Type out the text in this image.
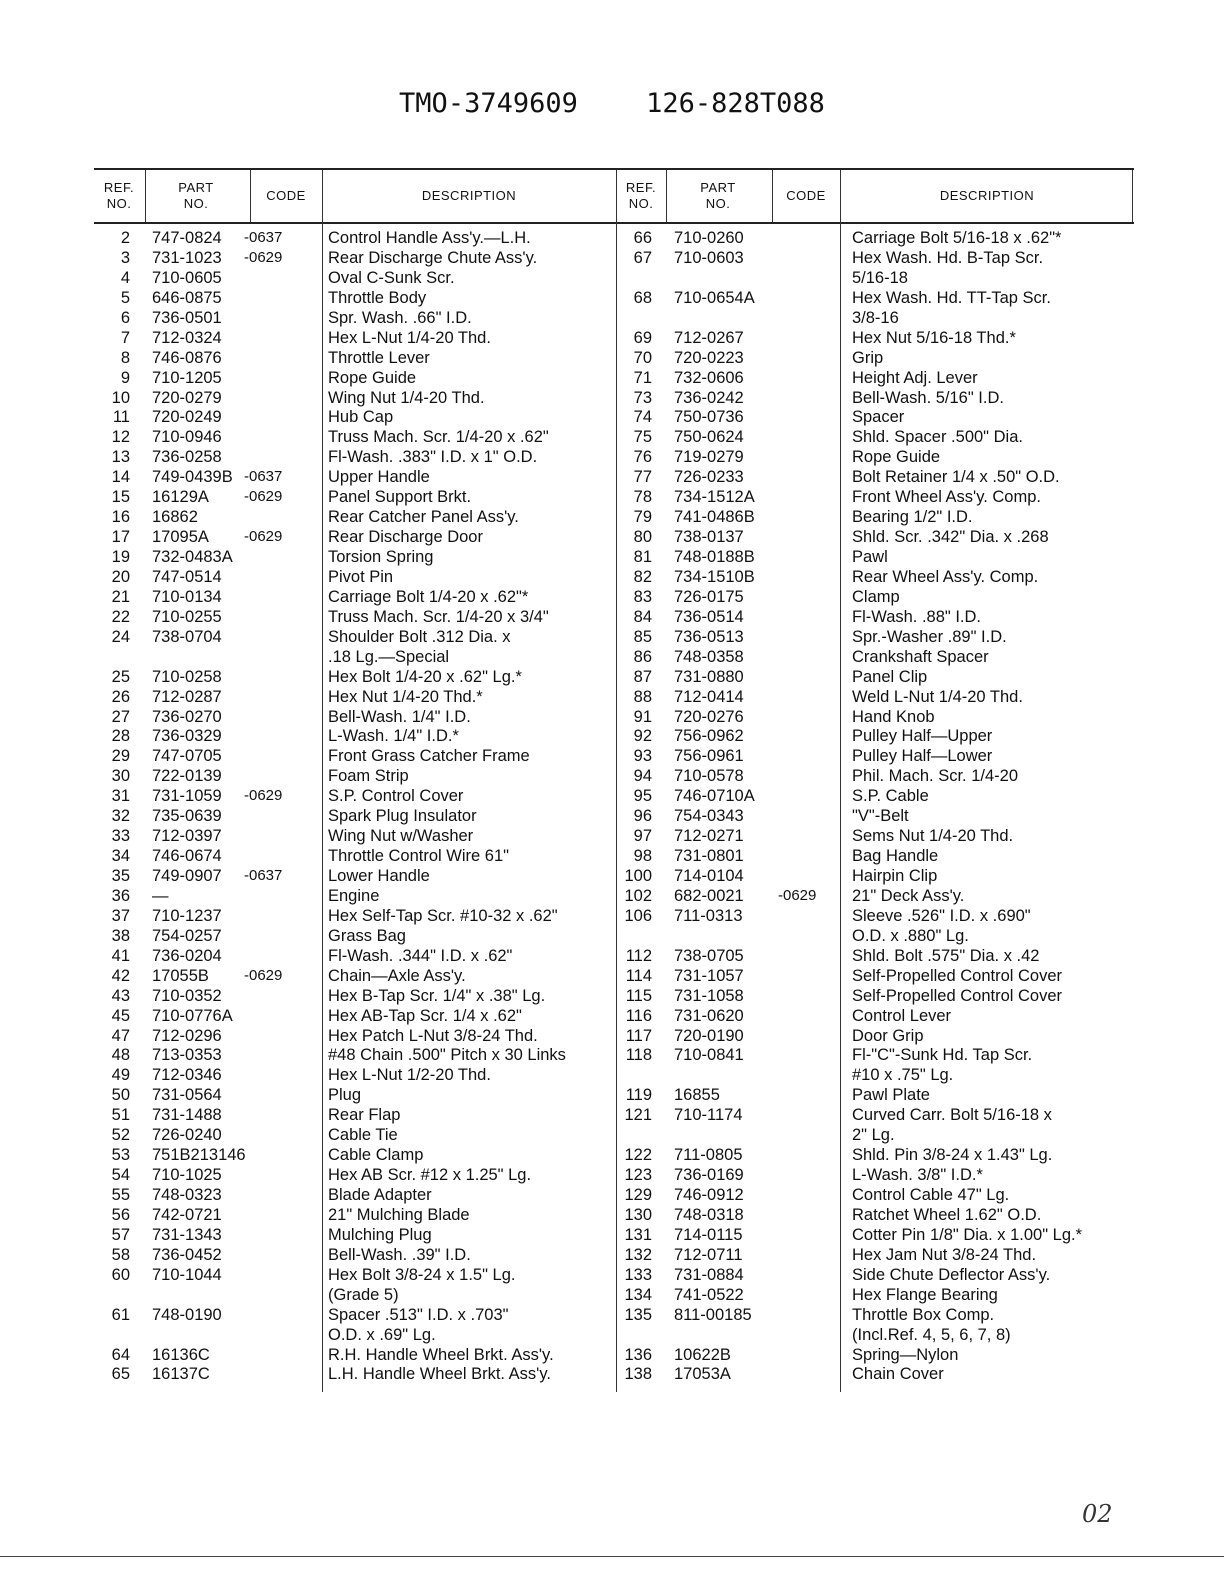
TMO-3749609	126-828T088
REF.
NO.
PART
NO.
CODE	DESCRIPTION
REF.
NO.
PART
NO.
CODE	DESCRIPTION
2 747-0824 -0637	Control Handle Ass'y.—L.H.
3 731-1023 -0629	Rear Discharge Chute Ass'y.
4 710-0605	Oval C-Sunk Scr.
5 646-0875	Throttle Body
6 736-0501	Spr. Wash. .66" I.D.
7 712-0324	Hex L-Nut 1/4-20 Thd.
8 746-0876	Throttle Lever
9 710-1205	Rope Guide
10 720-0279	Wing Nut 1/4-20 Thd.
11 720-0249	Hub Cap
12 710-0946	Truss Mach. Scr. 1/4-20 x .62"
13 736-0258	Fl-Wash. .383" I.D. x 1" O.D.
14 749-0439B -0637	Upper Handle
15 16129A -0629	Panel Support Brkt.
16 16862	Rear Catcher Panel Ass'y.
17 17095A -0629	Rear Discharge Door
19 732-0483A	Torsion Spring
20 747-0514	Pivot Pin
21 710-0134	Carriage Bolt 1/4-20 x .62"*
22 710-0255	Truss Mach. Scr. 1/4-20 x 3/4"
24 738-0704	Shoulder Bolt .312 Dia. x
.18 Lg.—Special
25 710-0258	Hex Bolt 1/4-20 x .62" Lg.*
26 712-0287	Hex Nut 1/4-20 Thd.*
27 736-0270	Bell-Wash. 1/4" I.D.
28 736-0329	L-Wash. 1/4" I.D.*
29 747-0705	Front Grass Catcher Frame
30 722-0139	Foam Strip
31 731-1059 -0629	S.P. Control Cover
32 735-0639	Spark Plug Insulator
33 712-0397	Wing Nut w/Washer
34 746-0674	Throttle Control Wire 61"
35 749-0907 -0637	Lower Handle
36 —	Engine
37 710-1237	Hex Self-Tap Scr. #10-32 x .62"
38 754-0257	Grass Bag
41 736-0204	Fl-Wash. .344" I.D. x .62"
42 17055B -0629	Chain—Axle Ass'y.
43 710-0352	Hex B-Tap Scr. 1/4" x .38" Lg.
45 710-0776A	Hex AB-Tap Scr. 1/4 x .62"
47 712-0296	Hex Patch L-Nut 3/8-24 Thd.
48 713-0353	#48 Chain .500" Pitch x 30 Links
49 712-0346	Hex L-Nut 1/2-20 Thd.
50 731-0564	Plug
51 731-1488	Rear Flap
52 726-0240	Cable Tie
53 751B213146	Cable Clamp
54 710-1025	Hex AB Scr. #12 x 1.25" Lg.
55 748-0323	Blade Adapter
56 742-0721	21" Mulching Blade
57 731-1343	Mulching Plug
58 736-0452	Bell-Wash. .39" I.D.
60 710-1044	Hex Bolt 3/8-24 x 1.5" Lg.
(Grade 5)
61 748-0190	Spacer .513" I.D. x .703"
O.D. x .69" Lg.
64 16136C	R.H. Handle Wheel Brkt. Ass'y.
65 16137C	L.H. Handle Wheel Brkt. Ass'y.
66 710-0260	Carriage Bolt 5/16-18 x .62"*
67 710-0603	Hex Wash. Hd. B-Tap Scr.
5/16-18
68 710-0654A	Hex Wash. Hd. TT-Tap Scr.
3/8-16
69 712-0267	Hex Nut 5/16-18 Thd.*
70 720-0223	Grip
71 732-0606	Height Adj. Lever
73 736-0242	Bell-Wash. 5/16" I.D.
74 750-0736	Spacer
75 750-0624	Shld. Spacer .500" Dia.
76 719-0279	Rope Guide
77 726-0233	Bolt Retainer 1/4 x .50" O.D.
78 734-1512A	Front Wheel Ass'y. Comp.
79 741-0486B	Bearing 1/2" I.D.
80 738-0137	Shld. Scr. .342" Dia. x .268
81 748-0188B	Pawl
82 734-1510B	Rear Wheel Ass'y. Comp.
83 726-0175	Clamp
84 736-0514	Fl-Wash. .88" I.D.
85 736-0513	Spr.-Washer .89" I.D.
86 748-0358	Crankshaft Spacer
87 731-0880	Panel Clip
88 712-0414	Weld L-Nut 1/4-20 Thd.
91 720-0276	Hand Knob
92 756-0962	Pulley Half—Upper
93 756-0961	Pulley Half—Lower
94 710-0578	Phil. Mach. Scr. 1/4-20
95 746-0710A	S.P. Cable
96 754-0343	"V"-Belt
97 712-0271	Sems Nut 1/4-20 Thd.
98 731-0801	Bag Handle
100 714-0104	Hairpin Clip
102 682-0021 -0629 21" Deck Ass'y.
106 711-0313	Sleeve .526" I.D. x .690"
O.D. x .880" Lg.
112 738-0705	Shld. Bolt .575" Dia. x .42
114 731-1057	Self-Propelled Control Cover
115 731-1058	Self-Propelled Control Cover
116 731-0620	Control Lever
117 720-0190	Door Grip
118 710-0841	Fl-"C"-Sunk Hd. Tap Scr.
#10 x .75" Lg.
119 16855	Pawl Plate
121 710-1174	Curved Carr. Bolt 5/16-18 x
2" Lg.
122 711-0805	Shld. Pin 3/8-24 x 1.43" Lg.
123 736-0169	L-Wash. 3/8" I.D.*
129 746-0912	Control Cable 47" Lg.
130 748-0318	Ratchet Wheel 1.62" O.D.
131 714-0115	Cotter Pin 1/8" Dia. x 1.00" Lg.*
132 712-0711	Hex Jam Nut 3/8-24 Thd.
133 731-0884	Side Chute Deflector Ass'y.
134 741-0522	Hex Flange Bearing
135 811-00185	Throttle Box Comp.
(Incl.Ref. 4, 5, 6, 7, 8)
136 10622B	Spring—Nylon
138 17053A	Chain Cover
02
